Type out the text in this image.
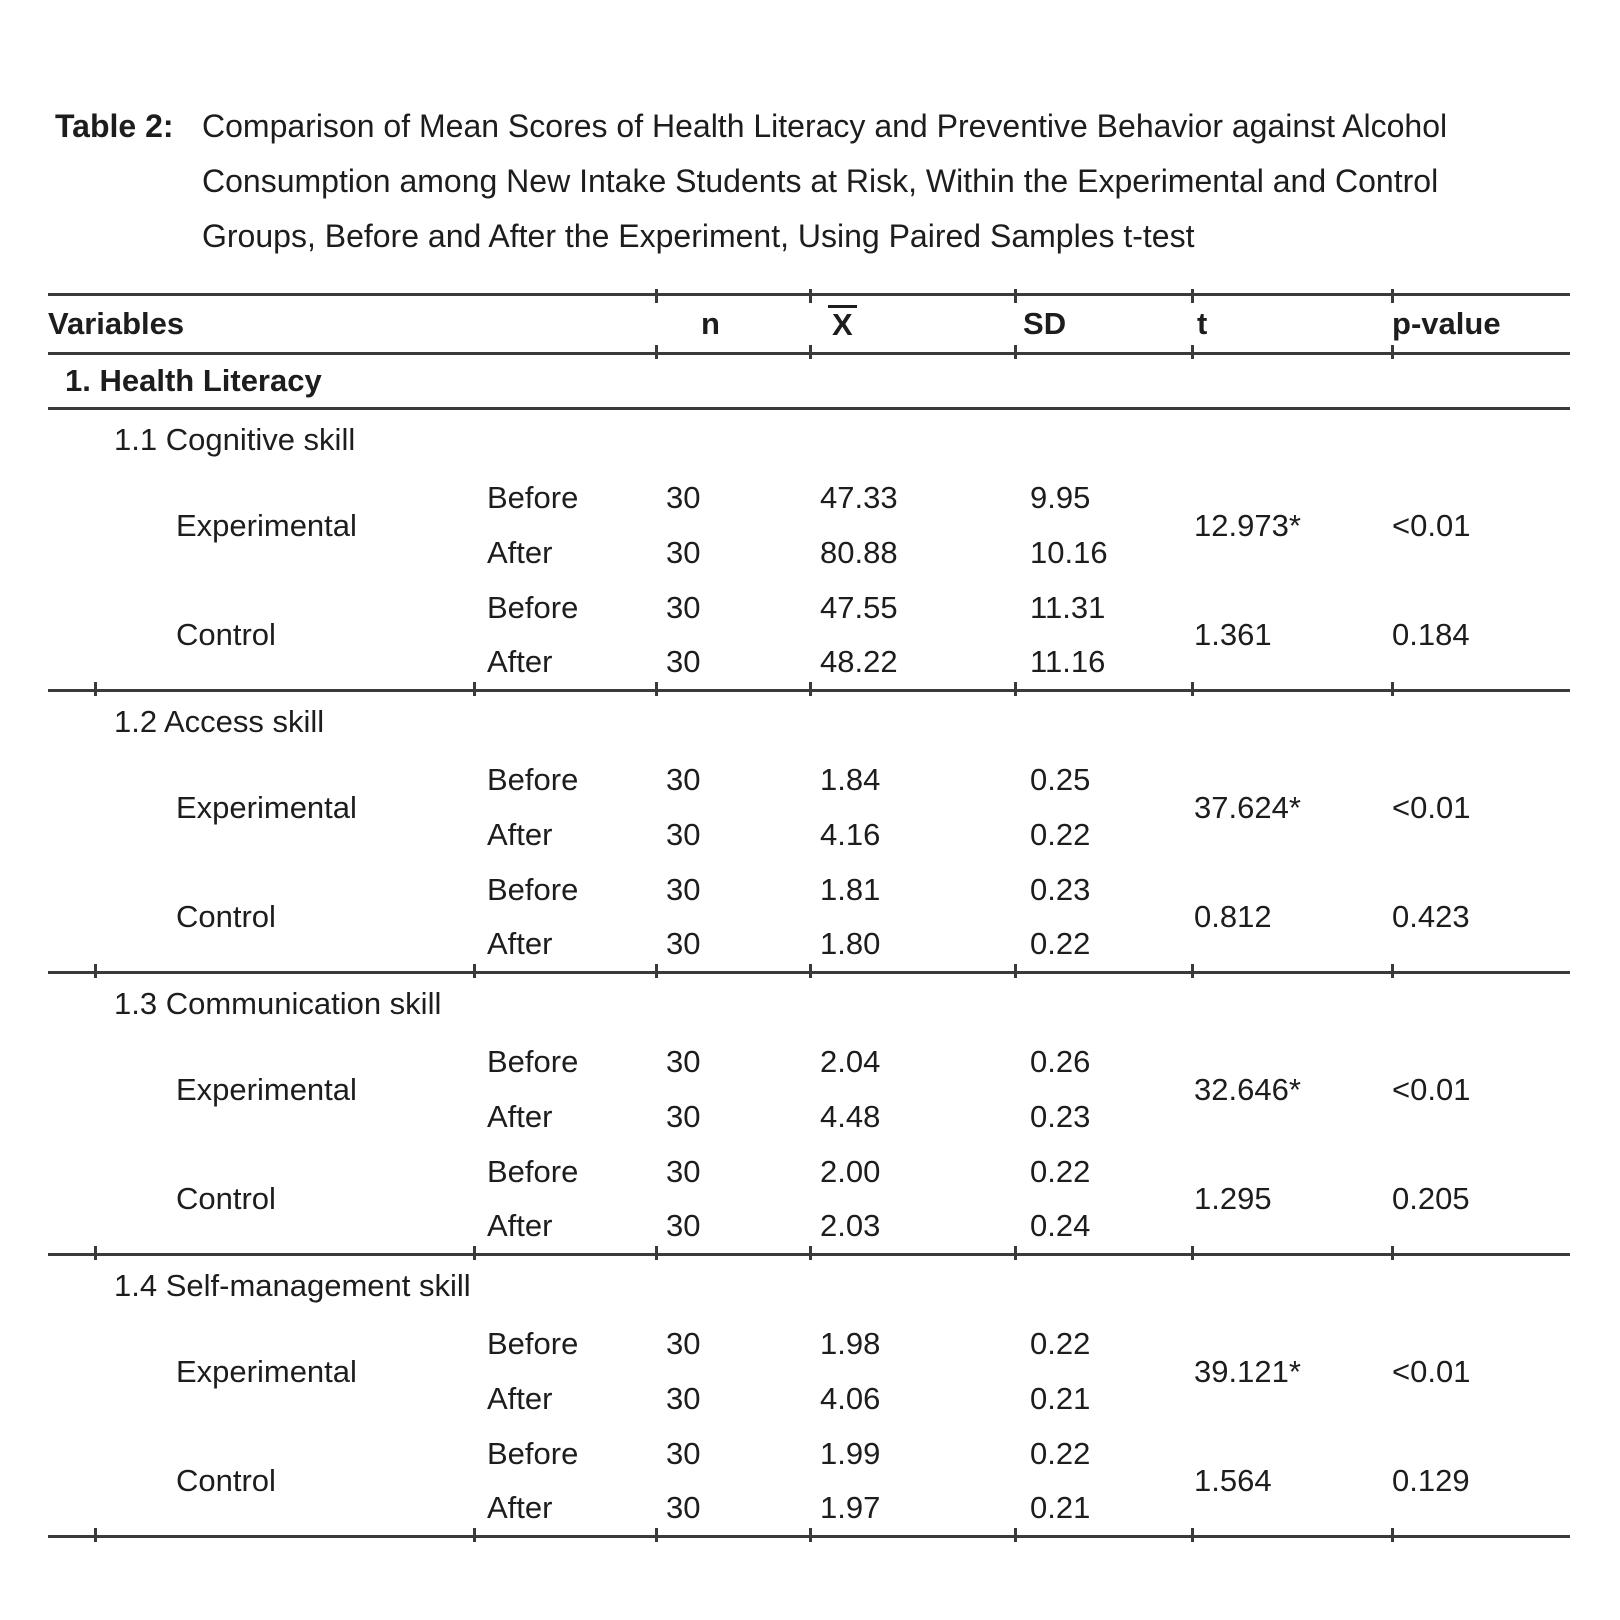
Table 2: Comparison of Mean Scores of Health Literacy and Preventive Behavior against Alcohol
Consumption among New Intake Students at Risk, Within the Experimental and Control
Groups, Before and After the Experiment, Using Paired Samples t-test
Variables			n	X	SD	t	p-value
1. Health Literacy							
1.1 Cognitive skill							
	Experimental	Before	30	47.33	9.95	12.973*	<0.01
		After	30	80.88	10.16		
	Control	Before	30	47.55	11.31	1.361	0.184
		After	30	48.22	11.16		
1.2 Access skill							
	Experimental	Before	30	1.84	0.25	37.624*	<0.01
		After	30	4.16	0.22		
	Control	Before	30	1.81	0.23	0.812	0.423
		After	30	1.80	0.22		
1.3 Communication skill							
	Experimental	Before	30	2.04	0.26	32.646*	<0.01
		After	30	4.48	0.23		
	Control	Before	30	2.00	0.22	1.295	0.205
		After	30	2.03	0.24		
1.4 Self-management skill							
	Experimental	Before	30	1.98	0.22	39.121*	<0.01
		After	30	4.06	0.21		
	Control	Before	30	1.99	0.22	1.564	0.129
		After	30	1.97	0.21		
